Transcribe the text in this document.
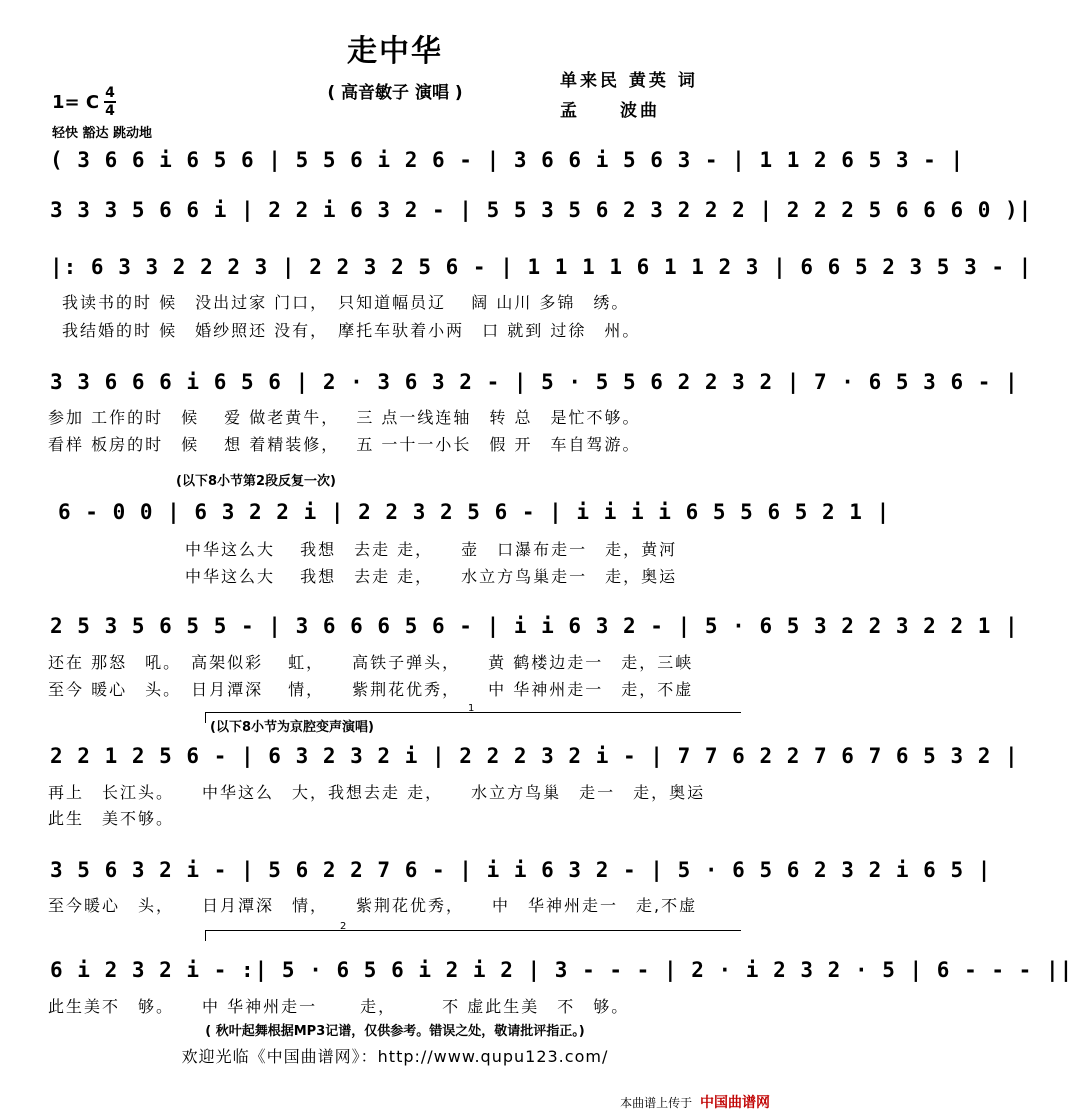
走中华
( 高音敏子 演唱 )
单来民 黄英 词
孟　　波曲
1= C 4
4
轻快 豁达 跳动地
( 3 6 6 i 6 5 6 | 5 5 6 i 2 6 - | 3 6 6 i 5 6 3 - | 1 1 2 6 5 3 - |
3 3 3 5 6 6 i | 2 2 i 6 3 2 - | 5 5 3 5 6 2 3 2 2 2 | 2 2 2 5 6 6 6 0 )|
|: 6 3 3 2 2 2 3 | 2 2 3 2 5 6 - | 1 1 1 1 6 1 1 2 3 | 6 6 5 2 3 5 3 - |
我读书的时 候　没出过家 门口，　只知道幅员辽　 阔 山川 多锦　绣。
我结婚的时 候　婚纱照还 没有，　摩托车驮着小两　口 就到 过徐　州。
3 3 6 6 6 i 6 5 6 | 2 · 3 6 3 2 - | 5 · 5 5 6 2 2 3 2 | 7 · 6 5 3 6 - |
参加 工作的时　候　 爱 做老黄牛，　 三 点一线连轴　转 总　是忙不够。
看样 板房的时　候　 想 着精装修，　 五 一十一小长　假 开　车自驾游。
(以下8小节第2段反复一次)
6 - 0 0 | 6 3 2 2 i | 2 2 3 2 5 6 - | i i i i 6 5 5 6 5 2 1 |
中华这么大　 我想　去走 走，　　壶　口瀑布走一　走，黄河
中华这么大　 我想　去走 走，　　水立方鸟巢走一　走，奥运
2 5 3 5 6 5 5 - | 3 6 6 6 5 6 - | i i 6 3 2 - | 5 · 6 5 3 2 2 3 2 2 1 |
还在 那怒　吼。　高架似彩　 虹，　　高铁子弹头，　　黄 鹤楼边走一　走，三峡
至今 暖心　头。　日月潭深　 情，　　紫荆花优秀，　　中 华神州走一　走，不虚
1
(以下8小节为京腔变声演唱)
2 2 1 2 5 6 - | 6 3 2 3 2 i | 2 2 2 3 2 i - | 7 7 6 2 2 7 6 7 6 5 3 2 |
再上　长江头。　　中华这么　大，我想去走 走，　　水立方鸟巢　走一　走，奥运
此生　美不够。
3 5 6 3 2 i - | 5 6 2 2 7 6 - | i i 6 3 2 - | 5 · 6 5 6 2 3 2 i 6 5 |
至今暖心　头，　　日月潭深　情，　　紫荆花优秀，　　中　华神州走一　走,不虚
2
6 i 2 3 2 i - :| 5 · 6 5 6 i 2 i 2 | 3 - - - | 2 · i 2 3 2 · 5 | 6 - - - ||
此生美不　够。　　中 华神州走一　　 走，　　　不 虚此生美　不　够。
( 秋叶起舞根据MP3记谱，仅供参考。错误之处，敬请批评指正。)
欢迎光临《中国曲谱网》：http://www.qupu123.com/
本曲谱上传于 中国曲谱网
